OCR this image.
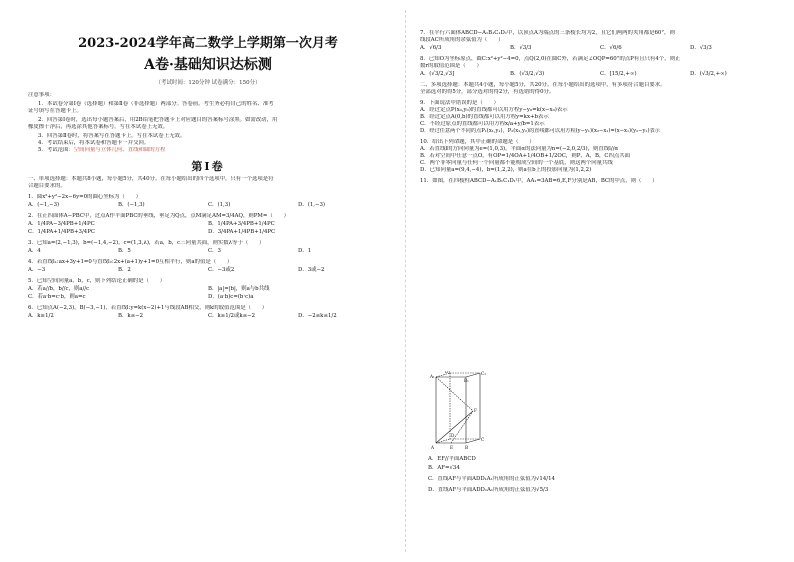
2023-2024学年高二数学上学期第一次月考
A卷·基础知识达标测
（考试时间：120分钟 试卷满分：150分）
注意事项：
1．本试卷分第Ⅰ卷（选择题）和第Ⅱ卷（非选择题）两部分。答卷前，考生务必将自己的姓名、准考
证号填写在答题卡上。
2．回答第Ⅰ卷时，选出每小题答案后，用2B铅笔把答题卡上对应题目的答案标号涂黑。如需改动，用
橡皮擦干净后，再选涂其他答案标号。写在本试卷上无效。
3．回答第Ⅱ卷时，将答案写在答题卡上。写在本试卷上无效。
4．考试结束后，将本试卷和答题卡一并交回。
5．考试范围：空间向量与立体几何、直线和圆的方程
第Ⅰ卷
一、单项选择题：本题共8小题，每小题5分，共40分。在每小题给出的四个选项中，只有一个选项是符
合题目要求的。
1．圆x²+y²−2x−6y=0的圆心坐标为（　　）
A．(−1,−3)	B．(−1,3)	C．(1,3)	D．(1,−3)
2．在正四面体A−PBC中，过点A作平面PBC的垂线，垂足为Q点，点M满足AM=3/4AQ，则PM=（　　）
A．1/4PA−3/4PB+1/4PC	B．1/4PA+3/4PB+1/4PC
C．1/4PA+1/4PB+3/4PC	D．3/4PA+1/4PB+1/4PC
3．已知a=(2,−1,3)，b=(−1,4,−2)，c=(1,3,λ)，若a，b，c三向量共面，则实数λ等于（　　）
A．4	B．5	C．3	D．1
4．若直线l₁:ax+3y+1=0与直线l₂:2x+(a+1)y+1=0互相平行，则a的值是（　　）
A．−3	B．2	C．−3或2	D．3或−2
5．已知空间向量a，b，c，则下列结论正确的是（　　）
A．若a//b，b//c，则a//c	B．|a|=|b|，则a与b共线
C．若a·b=c·b，则a=c	D．(a·b)c=(b·c)a
6．已知点A(−2,3)，B(−3,−1)，若直线l:y=k(x−2)+1与线段AB相交，则k的取值范围是（　　）
A．k≥1/2	B．k≤−2	C．k≥1/2或k≤−2	D．−2≤k≤1/2
7．在平行六面体ABCD−A₁B₁C₁D₁中，以顶点A为端点的三条棱长均为2，且它们两两的夹角都是60°，则
线段AC所成角的余弦值为（　　）
A．√6/3	B．√3/3	C．√6/6	D．√3/3
8．已知O为坐标原点，圆C:x²+y²−4=0，点Q(2,0)在圆C外，若满足∠OQP=60°的点P有且只有4个，则正
数r的取值范围是（　　）
A．(√3/2,√3]	B．(√3/2,√3)	C．[15/2,+∞)	D．(√3/2,+∞)
二、多项选择题：本题共4小题，每小题5分，共20分。在每小题给出的选项中，有多项符合题目要求。
全部选对的得5分，部分选对的得2分，有选错的得0分。
9．下面说法中错误的是（　　）
A．经过定点P(x₀,y₀)的直线都可以用方程y−y₀=k(x−x₀)表示
B．经过定点A(0,b)的直线都可以用方程y=kx+b表示
C．不经过原点的直线都可以用方程x/a+y/b=1表示
D．经过任意两个不同的点P₁(x₁,y₁)，P₂(x₂,y₂)的直线都可以用方程(y−y₁)(x₂−x₁)=(x−x₁)(y₂−y₁)表示
10．给出下列命题，其中正确的命题是（　　）
A．若直线l的方向向量为e=(1,0,3)，平面α的法向量为n=(−2,0,2/3)，则直线l//α
B．若对空间中任意一点O，有OP=1/4OA+1/4OB+1/2OC，则P，A，B，C四点共面
C．两个非零向量与任何一个向量都不能构成空间的一个基底，则这两个向量共线
D．已知向量a=(9,4,−4)，b=(1,2,2)，则a在b上的投影向量为(1,2,2)
11．如图，在四棱柱ABCD−A₁B₁C₁D₁中，AA₁=3AB=6,E,F分别是AB，BC的中点，则（　　）
A₁
B₁
C₁
D₁
A	B
C
D
E
F
A．EF//平面ABCD
B．AF=√34
C．直线AF与平面ADD₁A₁所成角的正弦值为√14/14
D．直线AF与平面ADD₁A₁所成角的正弦值为√5/3
